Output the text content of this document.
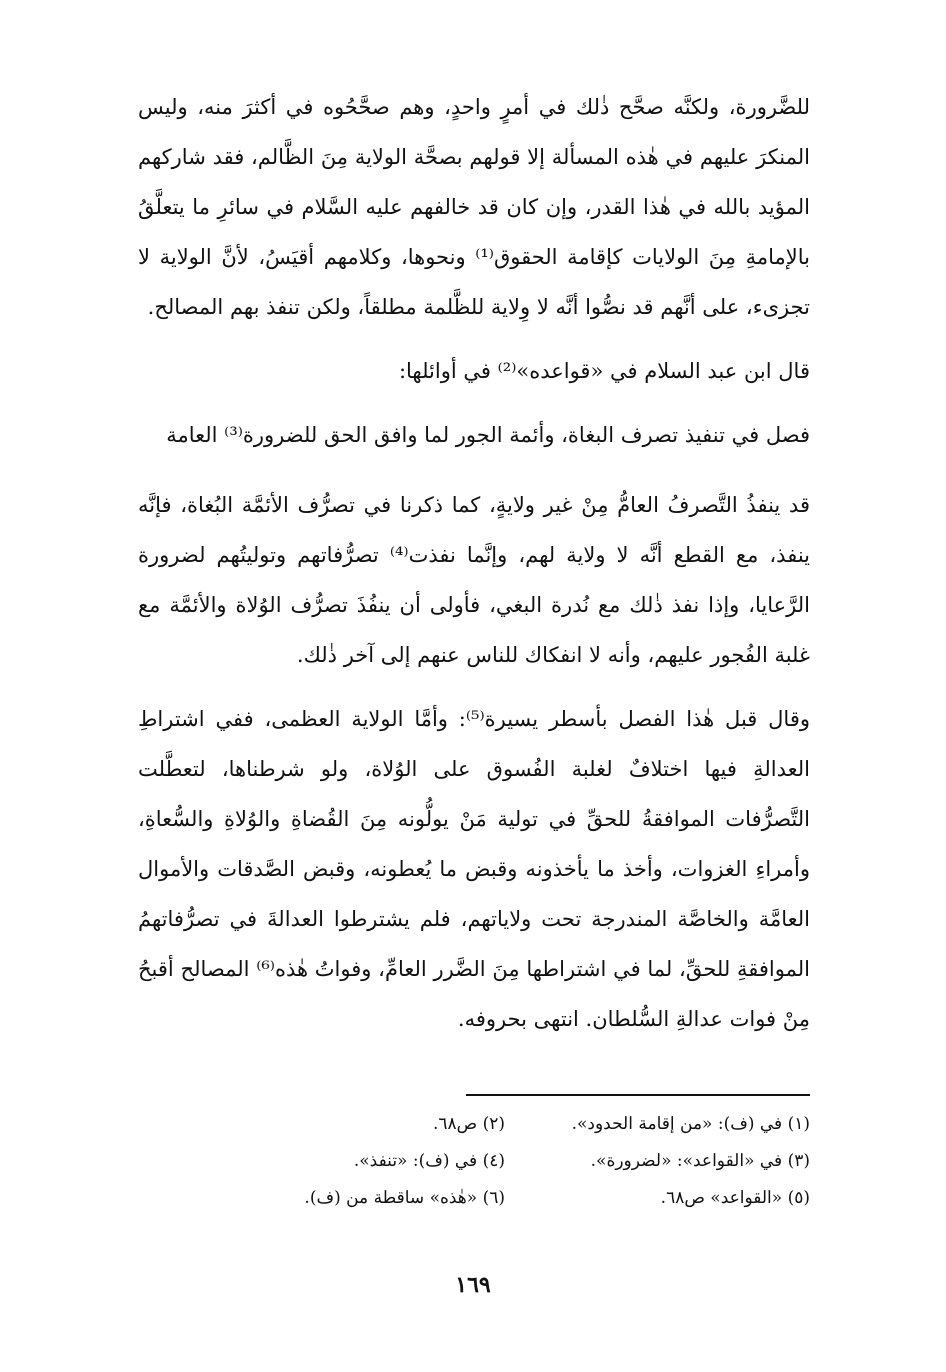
للضَّرورة، ولكنَّه صحَّح ذٰلك في أمرٍ واحدٍ، وهم صحَّحُوه في أكثرَ منه، وليس المنكرَ عليهم في هٰذه المسألة إلا قولهم بصحَّة الولاية مِنَ الظَّالم، فقد شاركهم المؤيد بالله في هٰذا القدر، وإن كان قد خالفهم عليه السَّلام في سائرِ ما يتعلَّقُ بالإمامةِ مِنَ الولايات كإقامة الحقوق⁽¹⁾ ونحوها، وكلامهم أقيَسُ، لأنَّ الولاية لا تجزىء، على أنَّهم قد نصُّوا أنَّه لا وِلاية للظَّلمة مطلقاً، ولكن تنفذ بهم المصالح.

قال ابن عبد السلام في «قواعده»⁽²⁾ في أوائلها:

فصل في تنفيذ تصرف البغاة، وأئمة الجور لما وافق الحق للضرورة⁽³⁾ العامة

قد ينفذُ التَّصرفُ العامُّ مِنْ غير ولايةٍ، كما ذكرنا في تصرُّف الأئمَّة البُغاة، فإنَّه ينفذ، مع القطع أنَّه لا ولاية لهم، وإنَّما نفذت⁽⁴⁾ تصرُّفاتهم وتوليتُهم لضرورة الرَّعايا، وإذا نفذ ذٰلك مع نُدرة البغي، فأولى أن ينفُذَ تصرُّف الوُلاة والأئمَّة مع غلبة الفُجور عليهم، وأنه لا انفكاك للناس عنهم إلى آخر ذٰلك.

وقال قبل هٰذا الفصل بأسطر يسيرة⁽⁵⁾: وأمَّا الولاية العظمى، ففي اشتراطِ العدالةِ فيها اختلافٌ لغلبة الفُسوق على الوُلاة، ولو شرطناها، لتعطَّلت التَّصرُّفات الموافقةُ للحقِّ في تولية مَنْ يولُّونه مِنَ القُضاةِ والوُلاةِ والسُّعاةِ، وأمراءِ الغزوات، وأخذ ما يأخذونه وقبض ما يُعطونه، وقبض الصَّدقات والأموال العامَّة والخاصَّة المندرجة تحت ولاياتهم، فلم يشترطوا العدالةَ في تصرُّفاتهمُ الموافقةِ للحقِّ، لما في اشتراطها مِنَ الضَّرر العامِّ، وفواتُ هٰذه⁽⁶⁾ المصالح أقبحُ مِنْ فوات عدالةِ السُّلطان. انتهى بحروفه.

(١) في (ف): «من إقامة الحدود».
(٢) ص٦٨.
(٣) في «القواعد»: «لضرورة».
(٤) في (ف): «تنفذ».
(٥) «القواعد» ص٦٨.
(٦) «هٰذه» ساقطة من (ف).
١٦٩
